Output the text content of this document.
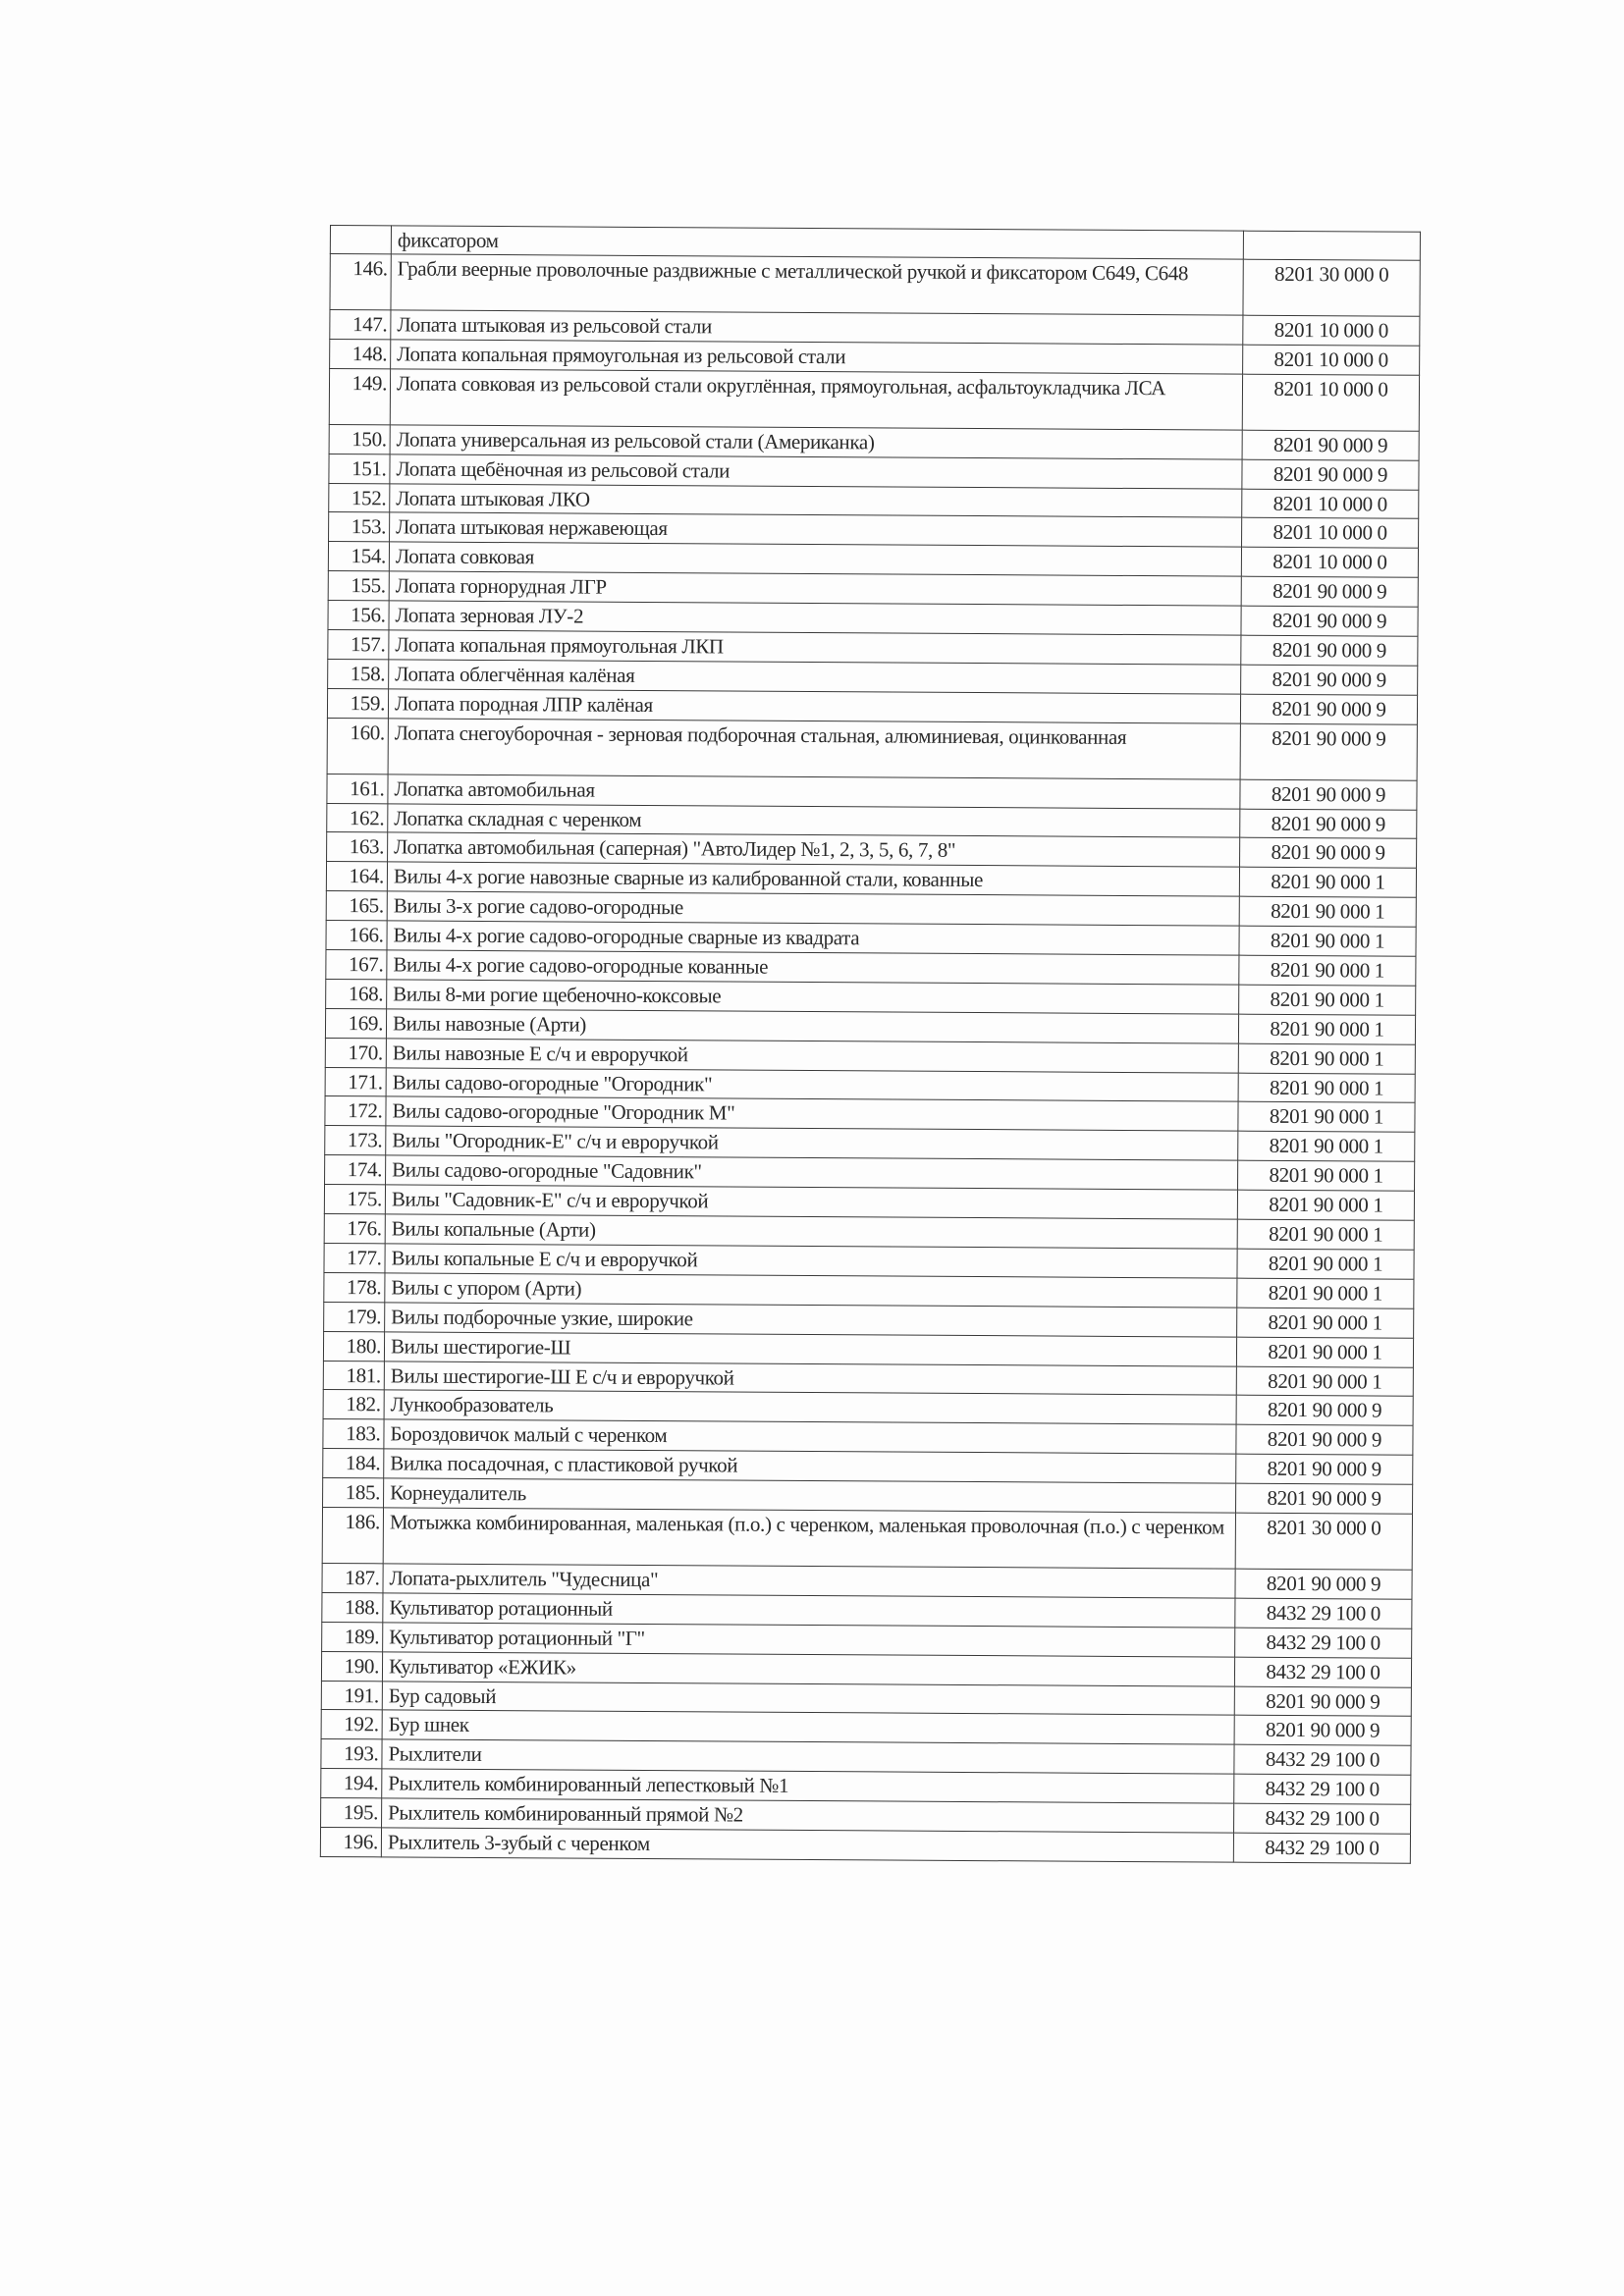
	фиксатором	
146.	Грабли веерные проволочные раздвижные с металлической ручкой и фиксатором С649, С648	8201 30 000 0
147.	Лопата штыковая из рельсовой стали	8201 10 000 0
148.	Лопата копальная прямоугольная из рельсовой стали	8201 10 000 0
149.	Лопата совковая из рельсовой стали округлённая, прямоугольная, асфальтоукладчика ЛСА	8201 10 000 0
150.	Лопата универсальная из рельсовой стали (Американка)	8201 90 000 9
151.	Лопата щебёночная из рельсовой стали	8201 90 000 9
152.	Лопата штыковая ЛКО	8201 10 000 0
153.	Лопата штыковая нержавеющая	8201 10 000 0
154.	Лопата совковая	8201 10 000 0
155.	Лопата горнорудная ЛГР	8201 90 000 9
156.	Лопата зерновая ЛУ-2	8201 90 000 9
157.	Лопата копальная прямоугольная ЛКП	8201 90 000 9
158.	Лопата облегчённая калёная	8201 90 000 9
159.	Лопата породная ЛПР калёная	8201 90 000 9
160.	Лопата снегоуборочная - зерновая подборочная стальная, алюминиевая, оцинкованная	8201 90 000 9
161.	Лопатка автомобильная	8201 90 000 9
162.	Лопатка складная с черенком	8201 90 000 9
163.	Лопатка автомобильная (саперная) "АвтоЛидер №1, 2, 3, 5, 6, 7, 8"	8201 90 000 9
164.	Вилы 4-х рогие навозные сварные из калиброванной стали, кованные	8201 90 000 1
165.	Вилы 3-х рогие садово-огородные	8201 90 000 1
166.	Вилы 4-х рогие садово-огородные сварные из квадрата	8201 90 000 1
167.	Вилы 4-х рогие садово-огородные кованные	8201 90 000 1
168.	Вилы 8-ми рогие щебеночно-коксовые	8201 90 000 1
169.	Вилы навозные (Арти)	8201 90 000 1
170.	Вилы навозные Е с/ч и евроручкой	8201 90 000 1
171.	Вилы садово-огородные "Огородник"	8201 90 000 1
172.	Вилы садово-огородные "Огородник М"	8201 90 000 1
173.	Вилы "Огородник-Е" с/ч и евроручкой	8201 90 000 1
174.	Вилы садово-огородные "Садовник"	8201 90 000 1
175.	Вилы "Садовник-Е" с/ч и евроручкой	8201 90 000 1
176.	Вилы копальные (Арти)	8201 90 000 1
177.	Вилы копальные Е с/ч и евроручкой	8201 90 000 1
178.	Вилы с упором (Арти)	8201 90 000 1
179.	Вилы подборочные узкие, широкие	8201 90 000 1
180.	Вилы шестирогие-Ш	8201 90 000 1
181.	Вилы шестирогие-Ш Е с/ч и евроручкой	8201 90 000 1
182.	Лункообразователь	8201 90 000 9
183.	Бороздовичок малый с черенком	8201 90 000 9
184.	Вилка посадочная, с пластиковой ручкой	8201 90 000 9
185.	Корнеудалитель	8201 90 000 9
186.	Мотыжка комбинированная, маленькая (п.о.) с черенком, маленькая проволочная (п.о.) с черенком	8201 30 000 0
187.	Лопата-рыхлитель "Чудесница"	8201 90 000 9
188.	Культиватор ротационный	8432 29 100 0
189.	Культиватор ротационный "Г"	8432 29 100 0
190.	Культиватор «ЕЖИК»	8432 29 100 0
191.	Бур садовый	8201 90 000 9
192.	Бур шнек	8201 90 000 9
193.	Рыхлители	8432 29 100 0
194.	Рыхлитель комбинированный лепестковый №1	8432 29 100 0
195.	Рыхлитель комбинированный прямой №2	8432 29 100 0
196.	Рыхлитель 3-зубый с черенком	8432 29 100 0
